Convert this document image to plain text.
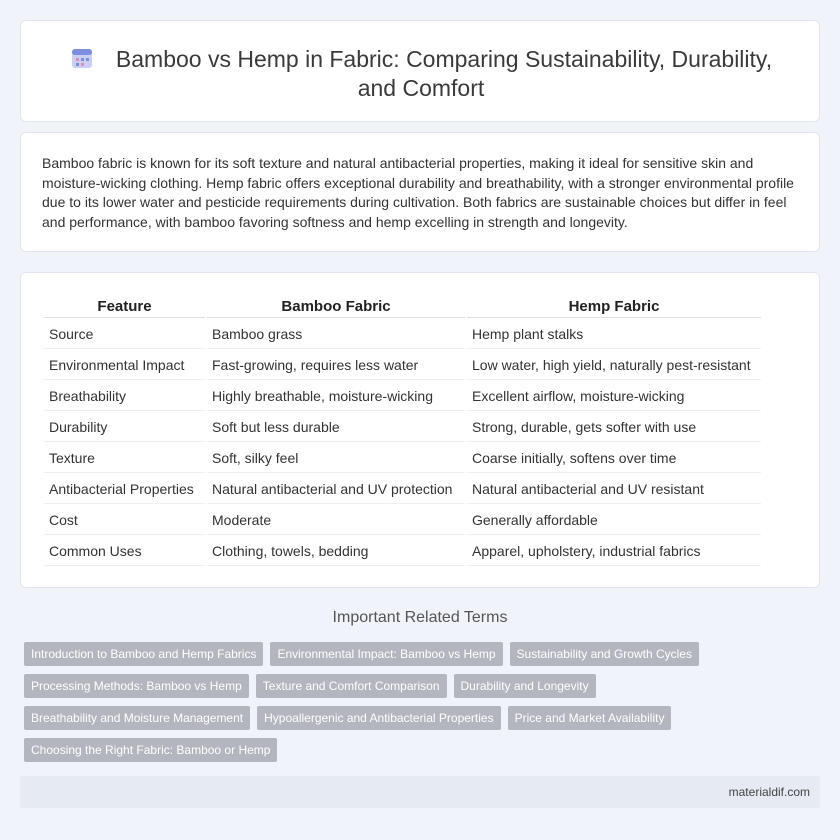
Bamboo vs Hemp in Fabric: Comparing Sustainability, Durability, and Comfort

Bamboo fabric is known for its soft texture and natural antibacterial properties, making it ideal for sensitive skin and moisture-wicking clothing. Hemp fabric offers exceptional durability and breathability, with a stronger environmental profile due to its lower water and pesticide requirements during cultivation. Both fabrics are sustainable choices but differ in feel and performance, with bamboo favoring softness and hemp excelling in strength and longevity.

Feature	Bamboo Fabric	Hemp Fabric
Source	Bamboo grass	Hemp plant stalks
Environmental Impact	Fast-growing, requires less water	Low water, high yield, naturally pest-resistant
Breathability	Highly breathable, moisture-wicking	Excellent airflow, moisture-wicking
Durability	Soft but less durable	Strong, durable, gets softer with use
Texture	Soft, silky feel	Coarse initially, softens over time
Antibacterial Properties	Natural antibacterial and UV protection	Natural antibacterial and UV resistant
Cost	Moderate	Generally affordable
Common Uses	Clothing, towels, bedding	Apparel, upholstery, industrial fabrics
Important Related Terms
Introduction to Bamboo and Hemp Fabrics	Environmental Impact: Bamboo vs Hemp	Sustainability and Growth Cycles
Processing Methods: Bamboo vs Hemp	Texture and Comfort Comparison	Durability and Longevity
Breathability and Moisture Management	Hypoallergenic and Antibacterial Properties	Price and Market Availability
Choosing the Right Fabric: Bamboo or Hemp
materialdif.com
